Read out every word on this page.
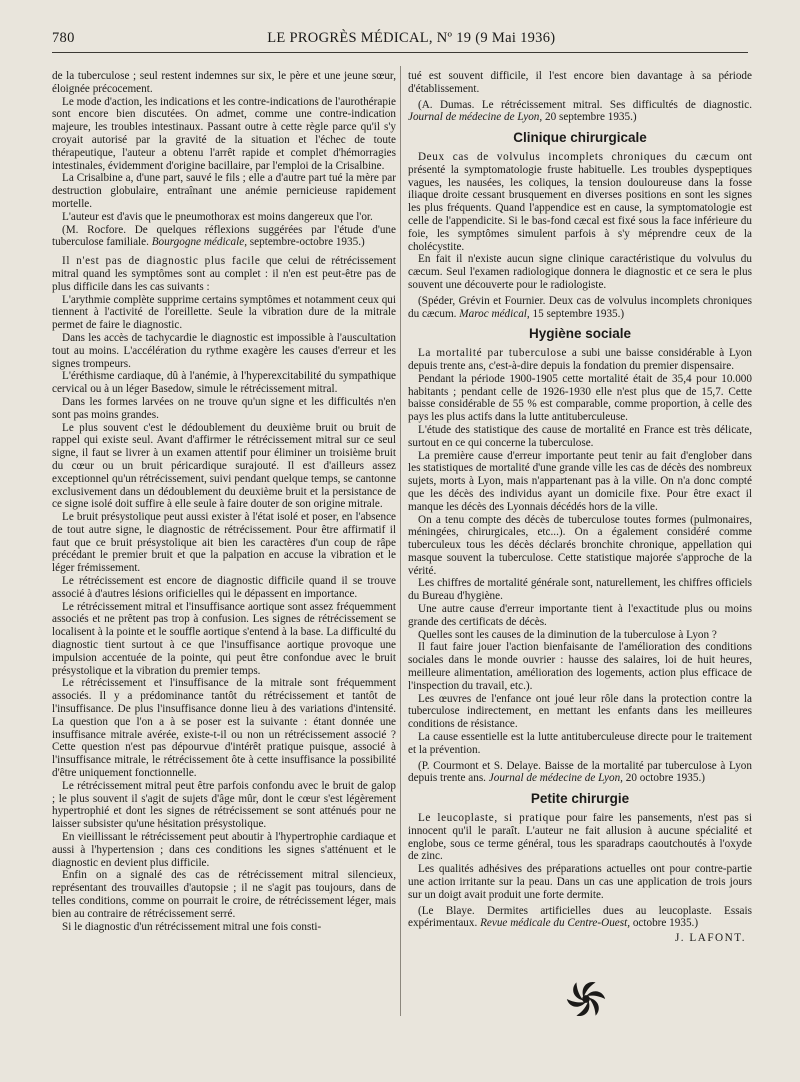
780	LE PROGRÈS MÉDICAL, Nº 19 (9 Mai 1936)

de la tuberculose ; seul restent indemnes sur six, le père et une jeune sœur, éloignée précocement.

Le mode d'action, les indications et les contre-indications de l'aurothérapie sont encore bien discutées. On admet, comme une contre-indication majeure, les troubles intestinaux. Passant outre à cette règle parce qu'il s'y croyait autorisé par la gravité de la situation et l'échec de toute thérapeutique, l'auteur a obtenu l'arrêt rapide et complet d'hémorragies intestinales, évidemment d'origine bacillaire, par l'emploi de la Crisalbine.

La Crisalbine a, d'une part, sauvé le fils ; elle a d'autre part tué la mère par destruction globulaire, entraînant une anémie pernicieuse rapidement mortelle.

L'auteur est d'avis que le pneumothorax est moins dangereux que l'or.

(M. Rocfore. De quelques réflexions suggérées par l'étude d'une tuberculose familiale. Bourgogne médicale, septembre-octobre 1935.)

Il n'est pas de diagnostic plus facile que celui de rétrécissement mitral quand les symptômes sont au complet : il n'en est peut-être pas de plus difficile dans les cas suivants :

L'arythmie complète supprime certains symptômes et notamment ceux qui tiennent à l'activité de l'oreillette. Seule la vibration dure de la mitrale permet de faire le diagnostic.

Dans les accès de tachycardie le diagnostic est impossible à l'auscultation tout au moins. L'accélération du rythme exagère les causes d'erreur et les signes trompeurs.

L'éréthisme cardiaque, dû à l'anémie, à l'hyperexcitabilité du sympathique cervical ou à un léger Basedow, simule le rétrécissement mitral.

Dans les formes larvées on ne trouve qu'un signe et les difficultés n'en sont pas moins grandes.

Le plus souvent c'est le dédoublement du deuxième bruit ou bruit de rappel qui existe seul. Avant d'affirmer le rétrécissement mitral sur ce seul signe, il faut se livrer à un examen attentif pour éliminer un troisième bruit du cœur ou un bruit péricardique surajouté. Il est d'ailleurs assez exceptionnel qu'un rétrécissement, suivi pendant quelque temps, se cantonne exclusivement dans un dédoublement du deuxième bruit et la persistance de ce signe isolé doit suffire à elle seule à faire douter de son origine mitrale.

Le bruit présystolique peut aussi exister à l'état isolé et poser, en l'absence de tout autre signe, le diagnostic de rétrécissement. Pour être affirmatif il faut que ce bruit présystolique ait bien les caractères d'un coup de râpe précédant le premier bruit et que la palpation en accuse la vibration et le léger frémissement.

Le rétrécissement est encore de diagnostic difficile quand il se trouve associé à d'autres lésions orificielles qui le dépassent en importance.

Le rétrécissement mitral et l'insuffisance aortique sont assez fréquemment associés et ne prêtent pas trop à confusion. Les signes de rétrécissement se localisent à la pointe et le souffle aortique s'entend à la base. La difficulté du diagnostic tient surtout à ce que l'insuffisance aortique provoque une impulsion accentuée de la pointe, qui peut être confondue avec le bruit présystolique et la vibration du premier temps.

Le rétrécissement et l'insuffisance de la mitrale sont fréquemment associés. Il y a prédominance tantôt du rétrécissement et tantôt de l'insuffisance. De plus l'insuffisance donne lieu à des variations d'intensité. La question que l'on a à se poser est la suivante : étant donnée une insuffisance mitrale avérée, existe-t-il ou non un rétrécissement associé ? Cette question n'est pas dépourvue d'intérêt pratique puisque, associé à l'insuffisance mitrale, le rétrécissement ôte à cette insuffisance la possibilité d'être uniquement fonctionnelle.

Le rétrécissement mitral peut être parfois confondu avec le bruit de galop ; le plus souvent il s'agit de sujets d'âge mûr, dont le cœur s'est légèrement hypertrophié et dont les signes de rétrécissement se sont atténués pour ne laisser subsister qu'une hésitation présystolique.

En vieillissant le rétrécissement peut aboutir à l'hypertrophie cardiaque et aussi à l'hypertension ; dans ces conditions les signes s'atténuent et le diagnostic en devient plus difficile.

Enfin on a signalé des cas de rétrécissement mitral silencieux, représentant des trouvailles d'autopsie ; il ne s'agit pas toujours, dans de telles conditions, comme on pourrait le croire, de rétrécissement léger, mais bien au contraire de rétrécissement serré.

Si le diagnostic d'un rétrécissement mitral une fois consti-

tué est souvent difficile, il l'est encore bien davantage à sa période d'établissement.

(A. Dumas. Le rétrécissement mitral. Ses difficultés de diagnostic. Journal de médecine de Lyon, 20 septembre 1935.)

Clinique chirurgicale

Deux cas de volvulus incomplets chroniques du cæcum ont présenté la symptomatologie fruste habituelle. Les troubles dyspeptiques vagues, les nausées, les coliques, la tension douloureuse dans la fosse iliaque droite cessant brusquement en diverses positions en sont les signes les plus fréquents. Quand l'appendice est en cause, la symptomatologie est celle de l'appendicite. Si le bas-fond cæcal est fixé sous la face inférieure du foie, les symptômes simulent parfois à s'y méprendre ceux de la cholécystite.

En fait il n'existe aucun signe clinique caractéristique du volvulus du cæcum. Seul l'examen radiologique donnera le diagnostic et ce sera le plus souvent une découverte pour le radiologiste.

(Spéder, Grévin et Fournier. Deux cas de volvulus incomplets chroniques du cæcum. Maroc médical, 15 septembre 1935.)

Hygiène sociale

La mortalité par tuberculose a subi une baisse considérable à Lyon depuis trente ans, c'est-à-dire depuis la fondation du premier dispensaire.

Pendant la période 1900-1905 cette mortalité était de 35,4 pour 10.000 habitants ; pendant celle de 1926-1930 elle n'est plus que de 15,7. Cette baisse considérable de 55 % est comparable, comme proportion, à celle des pays les plus actifs dans la lutte antituberculeuse.

L'étude des statistique des cause de mortalité en France est très délicate, surtout en ce qui concerne la tuberculose.

La première cause d'erreur importante peut tenir au fait d'englober dans les statistiques de mortalité d'une grande ville les cas de décès des nombreux sujets, morts à Lyon, mais n'appartenant pas à la ville. On n'a donc compté que les décès des individus ayant un domicile fixe. Pour être exact il manque les décès des Lyonnais décédés hors de la ville.

On a tenu compte des décès de tuberculose toutes formes (pulmonaires, méningées, chirurgicales, etc...). On a également considéré comme tuberculeux tous les décès déclarés bronchite chronique, appellation qui masque souvent la tuberculose. Cette statistique majorée s'approche de la vérité.

Les chiffres de mortalité générale sont, naturellement, les chiffres officiels du Bureau d'hygiène.

Une autre cause d'erreur importante tient à l'exactitude plus ou moins grande des certificats de décès.

Quelles sont les causes de la diminution de la tuberculose à Lyon ?

Il faut faire jouer l'action bienfaisante de l'amélioration des conditions sociales dans le monde ouvrier : hausse des salaires, loi de huit heures, meilleure alimentation, amélioration des logements, action plus efficace de l'inspection du travail, etc.).

Les œuvres de l'enfance ont joué leur rôle dans la protection contre la tuberculose indirectement, en mettant les enfants dans les meilleures conditions de résistance.

La cause essentielle est la lutte antituberculeuse directe pour le traitement et la prévention.

(P. Courmont et S. Delaye. Baisse de la mortalité par tuberculose à Lyon depuis trente ans. Journal de médecine de Lyon, 20 octobre 1935.)

Petite chirurgie

Le leucoplaste, si pratique pour faire les pansements, n'est pas si innocent qu'il le paraît. L'auteur ne fait allusion à aucune spécialité et englobe, sous ce terme général, tous les sparadraps caoutchoutés à l'oxyde de zinc.

Les qualités adhésives des préparations actuelles ont pour contre-partie une action irritante sur la peau. Dans un cas une application de trois jours sur un doigt avait produit une forte dermite.

(Le Blaye. Dermites artificielles dues au leucoplaste. Essais expérimentaux. Revue médicale du Centre-Ouest, octobre 1935.)

J. LAFONT.
